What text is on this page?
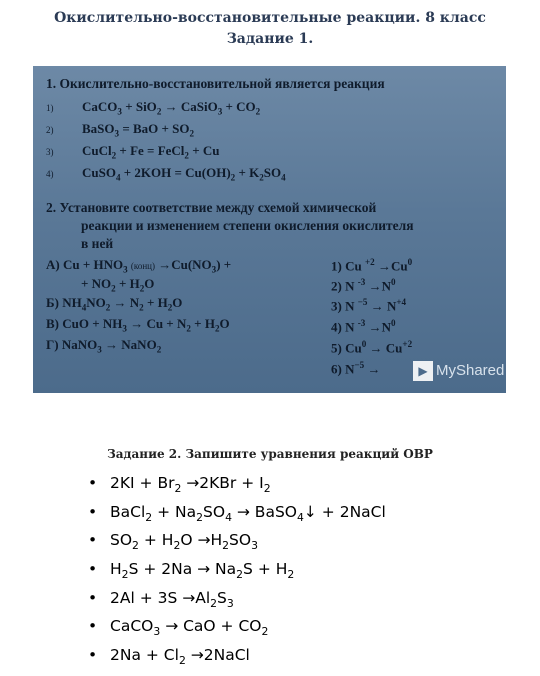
Окислительно-восстановительные реакции. 8 класс
Задание 1.
1. Окислительно-восстановительной является реакция
1) CaCO$_3$ + SiO$_2$ → CaSiO$_3$ + $CO_2$
2) BaSO$_3$ = BaO + $SO_2$
3) CuCl$_2$ + Fe = FeCl$_2$ + Cu
4) CuSO$_4$ + $2KOH = Cu(OH)_2 + K_2SO_4$
2. Установите соответствие между схемой химической
реакции и изменением степени окисления окислителя
в ней
А) $Cu + HNO_3$ (конц) $\to Cu(NO_3)$ +
+ $NO_2 + H_2O$
Б) $NH_4NO_2 \to N_2 + H_2O$
В) CuO + $NH_3 \to Cu + N_2 + H_2O$
Г) NaNO$_3$ → NaNO$_2$
1) Cu $^{+2} \to Cu^0$
2) N $^{-3} \to N^0$
3) N $^{-5} \to N^{+4}$
4) N $^{-3} \to N^0$
5) $Cu^0 \to Cu^{+2}$
6) $N^{-5}$ →	▶ MyShared
Задание 2. Запишите уравнения реакций ОВР
• $2KI + Br_2 \to 2KBr + I_2$
• BaCl$_2$ + $Na_2SO_4$ → BaSO$_4$↓ + 2NaCl
• $SO_2 + H_2O \to H_2SO_3$
• $H_2S + 2Na \to Na_2S + H_2$
• $2Al + 3S \to Al_2S_3$
• CaCO$_3$ → CaO + $CO_2$
• $2Na + Cl_2$ →2NaCl
